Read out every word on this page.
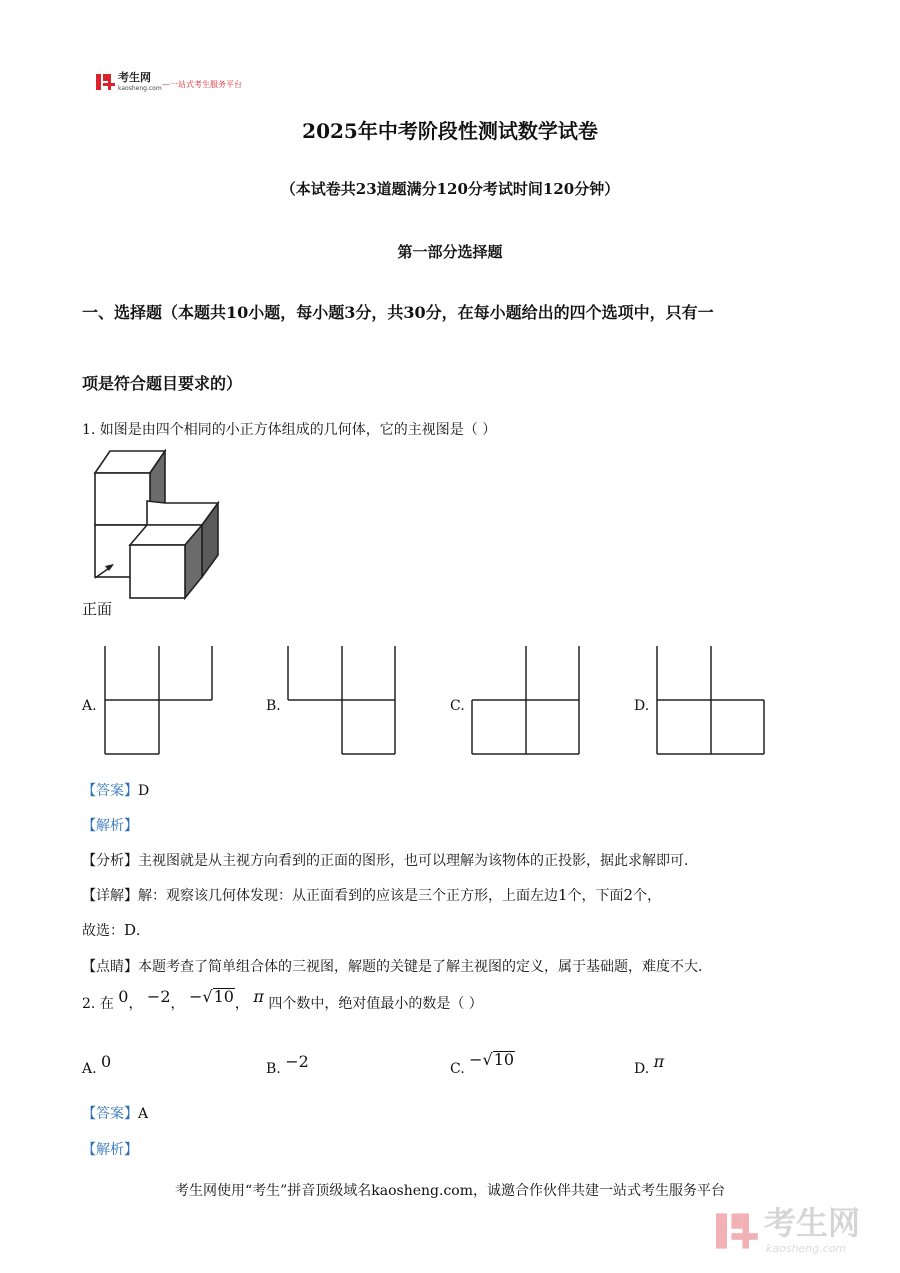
考生网
kaosheng.com —一站式考生服务平台
2025年中考阶段性测试数学试卷
（本试卷共23道题满分120分考试时间120分钟）
第一部分选择题
一、选择题（本题共10小题，每小题3分，共30分，在每小题给出的四个选项中，只有一
项是符合题目要求的）
1. 如图是由四个相同的小正方体组成的几何体，它的主视图是（ ）
正面
A.	B.	C.	D.
【答案】D
【解析】
【分析】主视图就是从主视方向看到的正面的图形，也可以理解为该物体的正投影，据此求解即可．
【详解】解：观察该几何体发现：从正面看到的应该是三个正方形，上面左边1个，下面2个，
故选：D．
【点睛】本题考查了简单组合体的三视图，解题的关键是了解主视图的定义，属于基础题，难度不大．
2. 在 0， −2， −√10， π 四个数中，绝对值最小的数是（ ）
A. 0	B. −2	C. −√10	D. π
【答案】A
【解析】
考生网使用“考生”拼音顶级域名kaosheng.com，诚邀合作伙伴共建一站式考生服务平台
考生网
kaosheng.com
